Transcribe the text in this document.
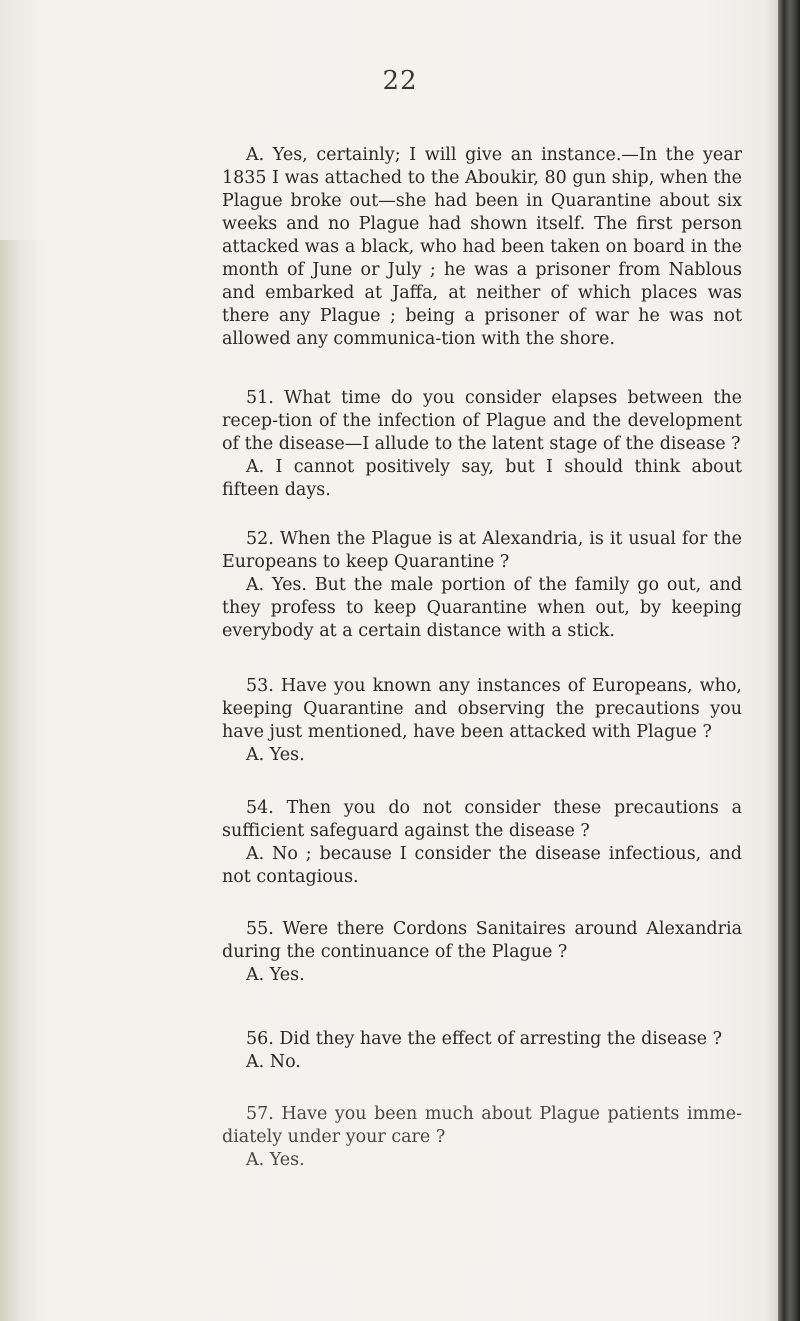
22

A. Yes, certainly; I will give an instance.—In the year 1835 I was attached to the Aboukir, 80 gun ship, when the Plague broke out—she had been in Quarantine about six weeks and no Plague had shown itself. The first person attacked was a black, who had been taken on board in the month of June or July ; he was a prisoner from Nablous and embarked at Jaffa, at neither of which places was there any Plague ; being a prisoner of war he was not allowed any communica-tion with the shore.

51. What time do you consider elapses between the recep-tion of the infection of Plague and the development of the disease—I allude to the latent stage of the disease ?

A. I cannot positively say, but I should think about fifteen days.

52. When the Plague is at Alexandria, is it usual for the Europeans to keep Quarantine ?

A. Yes. But the male portion of the family go out, and they profess to keep Quarantine when out, by keeping everybody at a certain distance with a stick.

53. Have you known any instances of Europeans, who, keeping Quarantine and observing the precautions you have just mentioned, have been attacked with Plague ?

A. Yes.

54. Then you do not consider these precautions a sufficient safeguard against the disease ?

A. No ; because I consider the disease infectious, and not contagious.

55. Were there Cordons Sanitaires around Alexandria during the continuance of the Plague ?

A. Yes.

56. Did they have the effect of arresting the disease ?

A. No.

57. Have you been much about Plague patients imme-diately under your care ?

A. Yes.
